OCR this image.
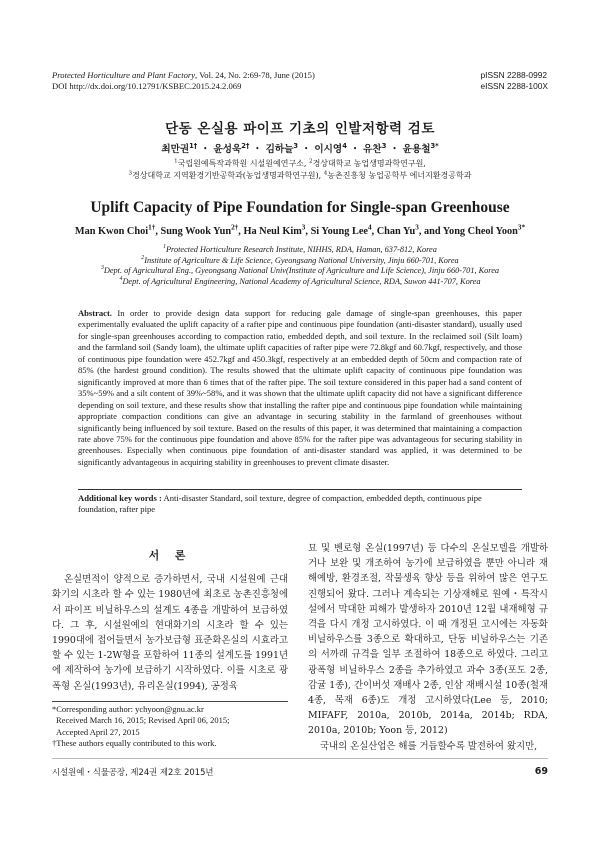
Protected Horticulture and Plant Factory, Vol. 24, No. 2:69-78, June (2015)
DOI http://dx.doi.org/10.12791/KSBEC.2015.24.2.069
pISSN 2288-0992
eISSN 2288-100X
단동 온실용 파이프 기초의 인발저항력 검토
최만권$^{1\dagger}$ ・ 윤성욱$^{2\dagger}$ ・ 김하늘$^3$ ・ 이시영$^4$ ・ 유찬$^3$ ・ 윤용철$^{3*}$
$^1$국립원예특작과학원 시설원예연구소, $^2$경상대학교 농업생명과학연구원,
$^3$경상대학교 지역환경기반공학과(농업생명과학연구원), $^4$농촌진흥청 농업공학부 에너지환경공학과
Uplift Capacity of Pipe Foundation for Single-span Greenhouse
Man Kwon Choi$^{1\dagger}$, Sung Wook Yun$^{2\dagger}$, Ha Neul Kim$^3$, Si Young Lee$^4$, Chan Yu$^3$, and Yong Cheol Yoon$^{3*}$
$^1$Protected Horticulture Research Institute, NIHHS, RDA, Haman, 637-812, Korea
$^2$Institute of Agriculture & Life Science, Gyeongsang National University, Jinju 660-701, Korea
$^3$Dept. of Agricultural Eng., Gyeongsang National Univ(Institute of Agriculture and Life Science), Jinju 660-701, Korea
$^4$Dept. of Agricultural Engineering, National Academy of Agricultural Science, RDA, Suwon 441-707, Korea
Abstract. In order to provide design data support for reducing gale damage of single-span greenhouses, this paper experimentally evaluated the uplift capacity of a rafter pipe and continuous pipe foundation (anti-disaster standard), usually used for single-span greenhouses according to compaction ratio, embedded depth, and soil texture. In the reclaimed soil (Silt loam) and the farmland soil (Sandy loam), the ultimate uplift capacities of rafter pipe were 72.8kgf and 60.7kgf, respectively, and those of continuous pipe foundation were 452.7kgf and 450.3kgf, respectively at an embedded depth of 50cm and compaction rate of 85% (the hardest ground condition). The results showed that the ultimate uplift capacity of continuous pipe foundation was significantly improved at more than 6 times that of the rafter pipe. The soil texture considered in this paper had a sand content of 35%~59% and a silt content of 39%~58%, and it was shown that the ultimate uplift capacity did not have a significant difference depending on soil texture, and these results show that installing the rafter pipe and continuous pipe foundation while maintaining appropriate compaction conditions can give an advantage in securing stability in the farmland of greenhouses without significantly being influenced by soil texture. Based on the results of this paper, it was determined that maintaining a compaction rate above 75% for the continuous pipe foundation and above 85% for the rafter pipe was advantageous for securing stability in greenhouses. Especially when continuous pipe foundation of anti-disaster standard was applied, it was determined to be significantly advantageous in acquiring stability in greenhouses to prevent climate disaster.
Additional key words : Anti-disaster Standard, soil texture, degree of compaction, embedded depth, continuous pipe foundation, rafter pipe
서 론

온실면적이 양적으로 증가하면서, 국내 시설원예 근대화기의 시초라 할 수 있는 1980년에 최초로 농촌진흥청에서 파이프 비닐하우스의 설계도 4종을 개발하여 보급하였다. 그 후, 시설원예의 현대화기의 시초라 할 수 있는 1990대에 접어들면서 농가보급형 표준화온실의 시효라고 할 수 있는 1-2W형을 포함하여 11종의 설계도를 1991년에 제작하여 농가에 보급하기 시작하였다. 이를 시초로 광폭형 온실(1993년), 유리온실(1994), 공정육

묘 및 벤로형 온실(1997년) 등 다수의 온실모델을 개발하거나 보완 및 개조하여 농가에 보급하였을 뿐만 아니라 재해예방, 환경조절, 작물생육 향상 등을 위하여 많은 연구도 진행되어 왔다. 그러나 계속되는 기상재해로 원예・특작시설에서 막대한 피해가 발생하자 2010년 12월 내재해형 규격을 다시 개정 고시하였다. 이 때 개정된 고시에는 자동화 비닐하우스를 3종으로 확대하고, 단동 비닐하우스는 기존의 서까래 규격을 일부 조절하여 18종으로 하였다. 그리고 광폭형 비닐하우스 2종을 추가하였고 과수 3종(포도 2종, 감귤 1종), 간이버섯 재배사 2종, 인삼 재배시설 10종(철재 4종, 목재 6종)도 개정 고시하였다(Lee 등, 2010; MIFAFF, 2010a, 2010b, 2014a, 2014b; RDA, 2010a, 2010b; Yoon 등, 2012)

국내의 온실산업은 해를 거듭할수록 발전하여 왔지만,

*Corresponding author: ychyoon@gnu.ac.kr
Received March 16, 2015; Revised April 06, 2015;
Accepted April 27, 2015
†These authors equally contributed to this work.
시설원예・식물공장, 제24권 제2호 2015년	69
